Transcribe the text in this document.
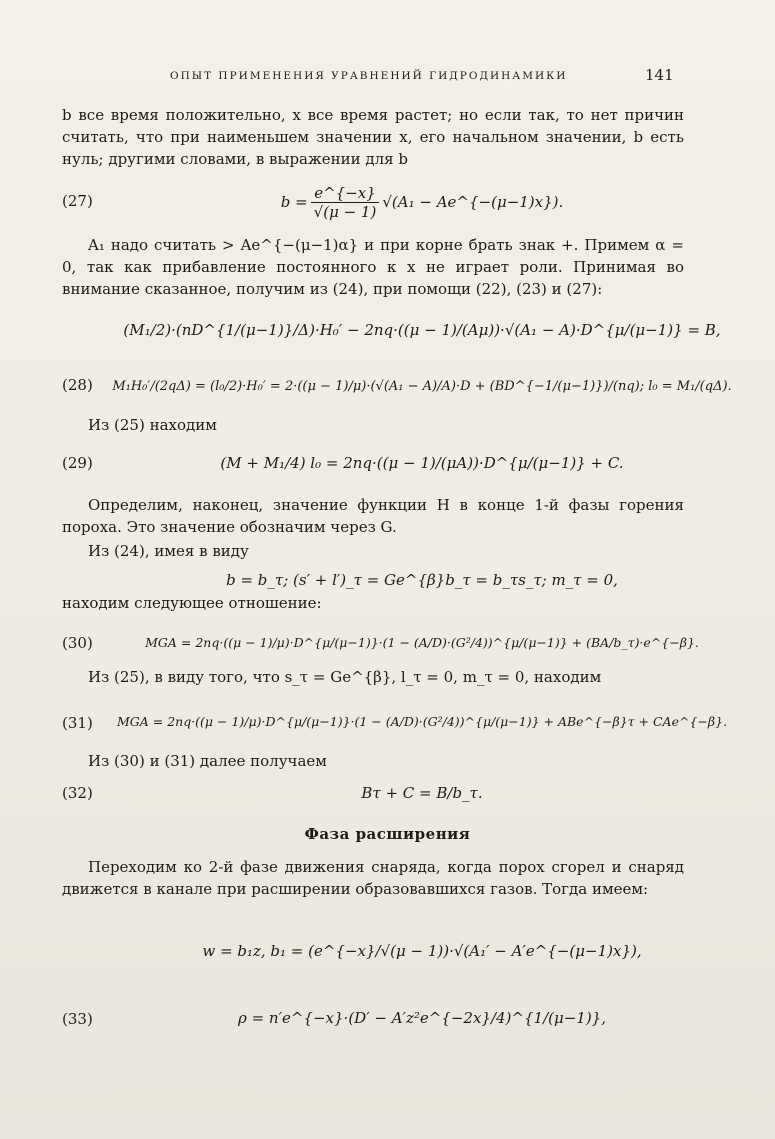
ОПЫТ ПРИМЕНЕНИЯ УРАВНЕНИЙ ГИДРОДИНАМИКИ	141
b все время положительно, x все время растет; но если так, то нет причин считать, что при наименьшем значении x, его начальном значении, b есть нуль; другими словами, в выражении для b
(27)	$b = \frac{e\^{}\{-x\}}{√(\mu - 1)} √(A_1$ − Ae^{−(μ−1)x}).
A₁ надо считать > Ae^{−(μ−1)α} и при корне брать знак +. Примем α = 0, так как прибавление постоянного к x не играет роли. Принимая во внимание сказанное, получим из (24), при помощи (22), (23) и (27):
(M₁/2)·(nD^{1/(μ−1)}/Δ)·H₀′ − 2nq·((μ − 1)/(Aμ))·√(A₁ − A)·D^{μ/(μ−1)} = B,
(28) M₁H₀′/(2qΔ) = (l₀/2)·H₀′ = 2·((μ − 1)/μ)·(√(A₁ − A)/A)·D + (BD^{−1/(μ−1)})/(nq); l₀ = M₁/(qΔ).
Из (25) находим
(29)	(M + M₁/4) l₀ = 2nq·((μ − 1)/(μA))·D^{μ/(μ−1)} + C.
Определим, наконец, значение функции H в конце 1-й фазы горения пороха. Это значение обозначим через G.
Из (24), имея в виду
b = b_τ; (s′ + l′)_τ = Ge^{β}b_τ = b_τs_τ; m_τ = 0,
находим следующее отношение:
(30)	MGA = 2nq·((μ − 1)/μ)·D^{μ/(μ−1)}·(1 − (A/D)·(G²/4))^{μ/(μ−1)} + (BA/b_τ)·e^{−β}.
Из (25), в виду того, что s_τ = Ge^{β}, l_τ = 0, m_τ = 0, находим
(31) MGA = 2nq·((μ − 1)/μ)·D^{μ/(μ−1)}·(1 − (A/D)·(G²/4))^{μ/(μ−1)} + ABe^{−β}τ + CAe^{−β}.
Из (30) и (31) далее получаем
(32)	Bτ + C = B/b_τ.
Фаза расширения
Переходим ко 2-й фазе движения снаряда, когда порох сгорел и снаряд движется в канале при расширении образовавшихся газов. Тогда имеем:
w = b₁z, b₁ = (e^{−x}/√(μ − 1))·√(A₁′ − A′e^{−(μ−1)x}),
(33)	ρ = n′e^{−x}·(D′ − A′z²e^{−2x}/4)^{1/(μ−1)},
